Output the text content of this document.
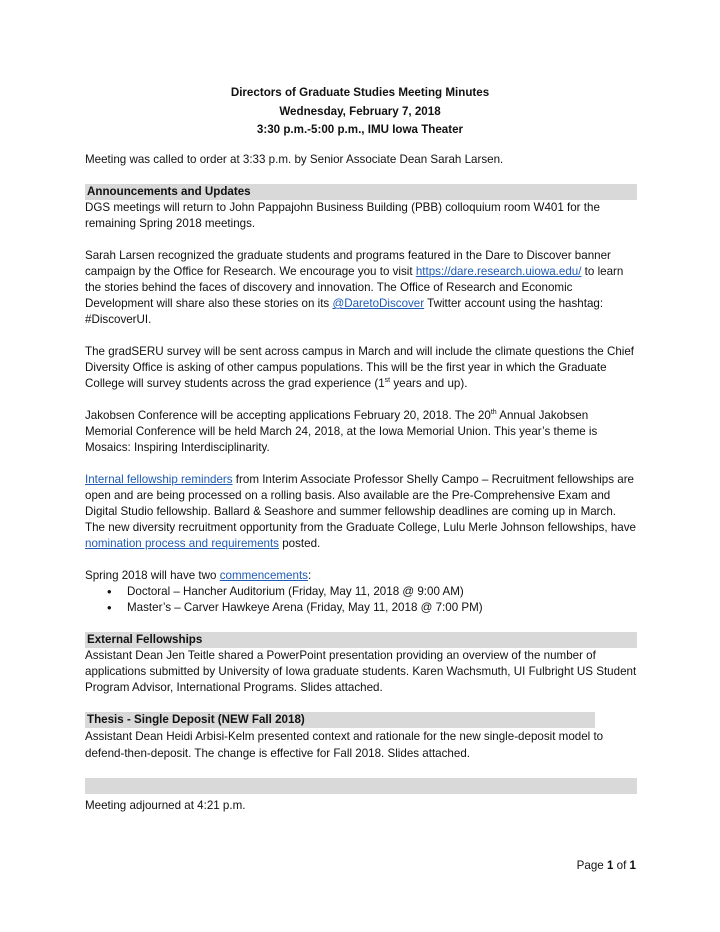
Directors of Graduate Studies Meeting Minutes
Wednesday, February 7, 2018
3:30 p.m.-5:00 p.m., IMU Iowa Theater

Meeting was called to order at 3:33 p.m. by Senior Associate Dean Sarah Larsen.

Announcements and Updates

DGS meetings will return to John Pappajohn Business Building (PBB) colloquium room W401 for the remaining Spring 2018 meetings.

Sarah Larsen recognized the graduate students and programs featured in the Dare to Discover banner campaign by the Office for Research. We encourage you to visit https://dare.research.uiowa.edu/ to learn the stories behind the faces of discovery and innovation. The Office of Research and Economic Development will share also these stories on its @DaretoDiscover Twitter account using the hashtag: #DiscoverUI.

The gradSERU survey will be sent across campus in March and will include the climate questions the Chief Diversity Office is asking of other campus populations. This will be the first year in which the Graduate College will survey students across the grad experience (1st years and up).

Jakobsen Conference will be accepting applications February 20, 2018. The 20th Annual Jakobsen Memorial Conference will be held March 24, 2018, at the Iowa Memorial Union. This year’s theme is Mosaics: Inspiring Interdisciplinarity.

Internal fellowship reminders from Interim Associate Professor Shelly Campo – Recruitment fellowships are open and are being processed on a rolling basis. Also available are the Pre-Comprehensive Exam and Digital Studio fellowship. Ballard & Seashore and summer fellowship deadlines are coming up in March. The new diversity recruitment opportunity from the Graduate College, Lulu Merle Johnson fellowships, have nomination process and requirements posted.

Spring 2018 will have two commencements:
• Doctoral – Hancher Auditorium (Friday, May 11, 2018 @ 9:00 AM)
• Master’s – Carver Hawkeye Arena (Friday, May 11, 2018 @ 7:00 PM)
External Fellowships

Assistant Dean Jen Teitle shared a PowerPoint presentation providing an overview of the number of applications submitted by University of Iowa graduate students. Karen Wachsmuth, UI Fulbright US Student Program Advisor, International Programs. Slides attached.

Thesis - Single Deposit (NEW Fall 2018)

Assistant Dean Heidi Arbisi-Kelm presented context and rationale for the new single-deposit model to defend-then-deposit. The change is effective for Fall 2018. Slides attached.

Meeting adjourned at 4:21 p.m.

Page 1 of 1
